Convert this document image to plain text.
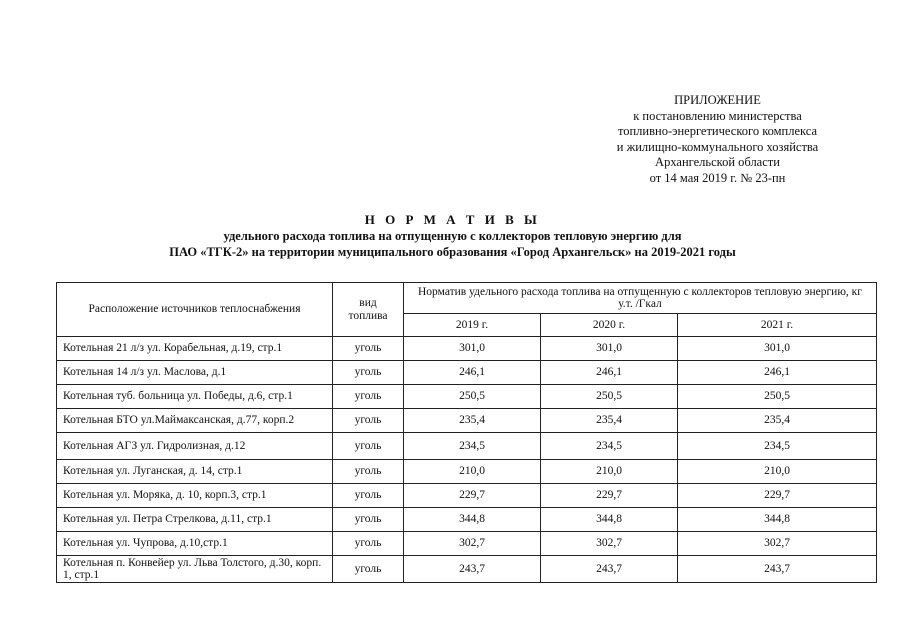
ПРИЛОЖЕНИЕ
к постановлению министерства
топливно-энергетического комплекса
и жилищно-коммунального хозяйства
Архангельской области
от 14 мая 2019 г. № 23-пн
Н О Р М А Т И В Ы
удельного расхода топлива на отпущенную с коллекторов тепловую энергию для
ПАО «ТГК-2» на территории муниципального образования «Город Архангельск» на 2019-2021 годы
Расположение источников теплоснабжения	вид топлива	Норматив удельного расхода топлива на отпущенную с коллекторов тепловую энергию, кг у.т. /Гкал		
		2019 г.	2020 г.	2021 г.
Котельная 21 л/з ул. Корабельная, д.19, стр.1	уголь	301,0	301,0	301,0
Котельная 14 л/з ул. Маслова, д.1	уголь	246,1	246,1	246,1
Котельная туб. больница ул. Победы, д.6, стр.1	уголь	250,5	250,5	250,5
Котельная БТО ул.Маймаксанская, д.77, корп.2	уголь	235,4	235,4	235,4
Котельная АГЗ ул. Гидролизная, д.12	уголь	234,5	234,5	234,5
Котельная ул. Луганская, д. 14, стр.1	уголь	210,0	210,0	210,0
Котельная ул. Моряка, д. 10, корп.3, стр.1	уголь	229,7	229,7	229,7
Котельная ул. Петра Стрелкова, д.11, стр.1	уголь	344,8	344,8	344,8
Котельная ул. Чупрова, д.10,стр.1	уголь	302,7	302,7	302,7
Котельная п. Конвейер ул. Льва Толстого, д.30, корп. 1, стр.1	уголь	243,7	243,7	243,7
